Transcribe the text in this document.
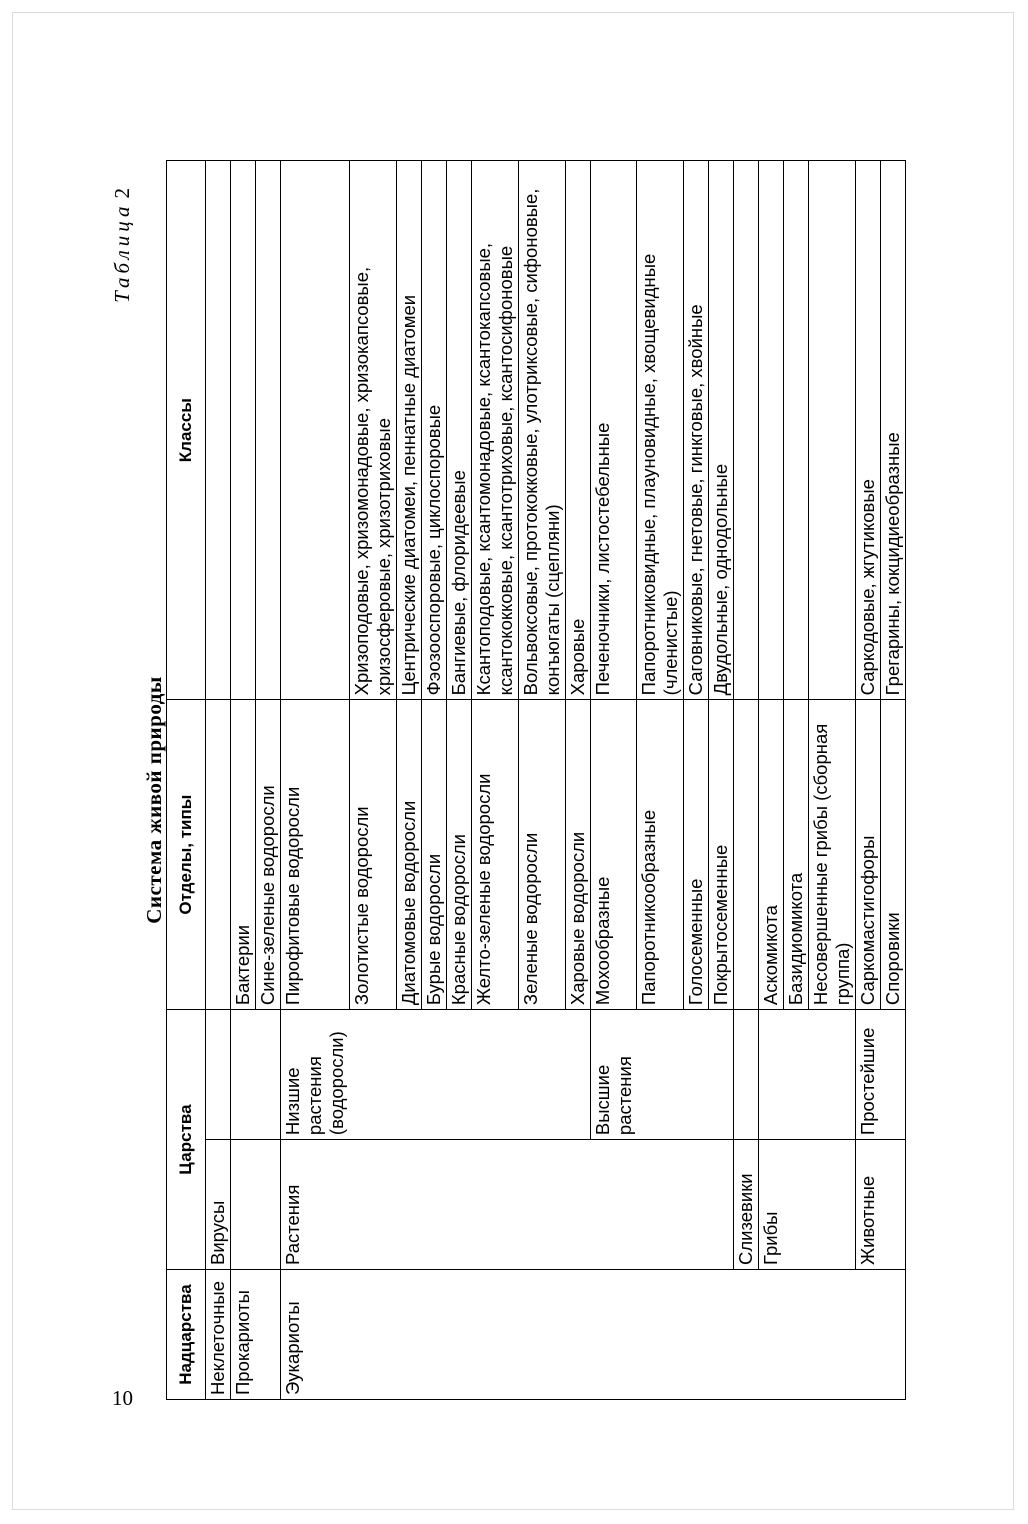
10
Таблица2
Система живой природы
Надцарства	Царства		Отделы, типы	Классы
Неклеточные	Вирусы			
Прокариоты			Бактерии	
			Сине-зеленые водоросли	
Эукариоты	Растения	Низшие растения (водоросли)	Пирофитовые водоросли	
			Золотистые водоросли	Хризоподовые, хризомонадовые, хризокапсовые, хризосферовые, хризотриховые
			Диатомовые водоросли	Центрические диатомеи, пеннатные диатомеи
			Бурые водоросли	Фэозооспоровые, циклоспоровые
			Красные водоросли	Бангиевые, флоридеевые
			Желто-зеленые водоросли	Ксантоподовые, ксантомонадовые, ксантокапсовые, ксантококковые, ксантотриховые, ксантосифоновые
			Зеленые водоросли	Вольвоксовые, протококковые, улотриксовые, сифоновые, конъюгаты (сцепляни)
			Харовые водоросли	Харовые
		Высшие растения	Мохообразные	Печеночники, листостебельные
			Папоротникообразные	Папоротниковидные, плауновидные, хвощевидные (членистые)
			Голосеменные	Саговниковые, гнетовые, гинкговые, хвойные
			Покрытосеменные	Двудольные, однодольные
	Слизевики			
	Грибы		Аскомикота	
			Базидиомикота	
			Несовершенные грибы (сборная группа)	
	Животные	Простейшие	Саркомастигофоры	Саркодовые, жгутиковые
			Споровики	Грегарины, кокцидиеобразные
